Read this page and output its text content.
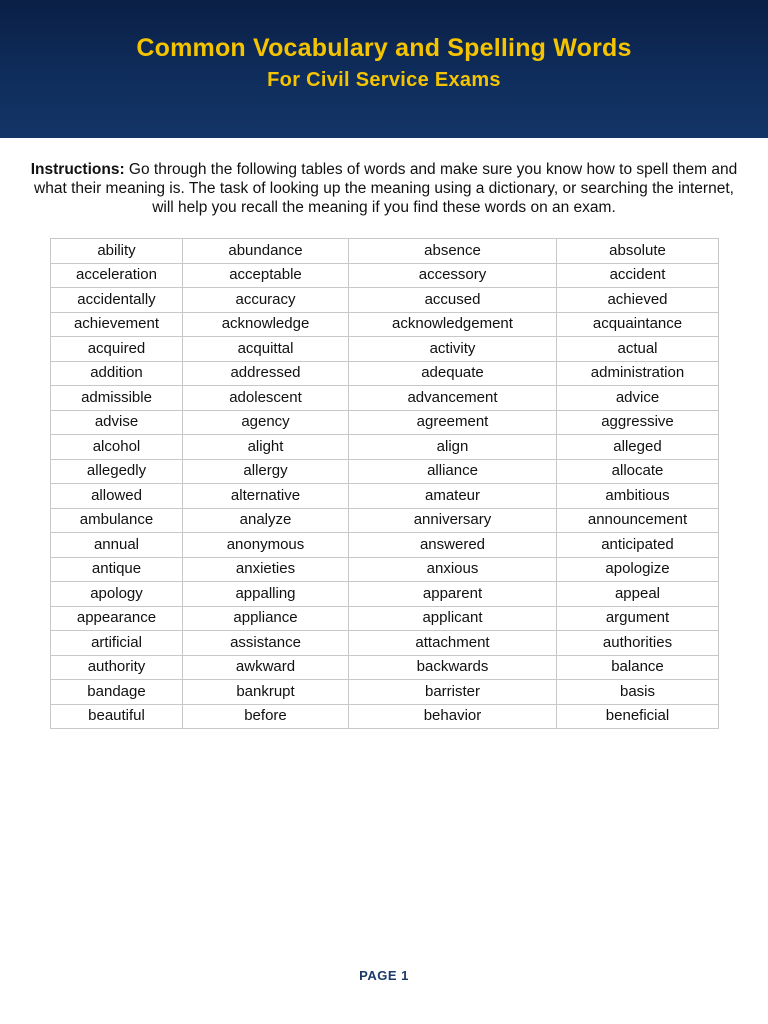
Common Vocabulary and Spelling Words
For Civil Service Exams
Instructions: Go through the following tables of words and make sure you know how to spell them and what their meaning is. The task of looking up the meaning using a dictionary, or searching the internet, will help you recall the meaning if you find these words on an exam.
ability	abundance	absence	absolute
acceleration	acceptable	accessory	accident
accidentally	accuracy	accused	achieved
achievement	acknowledge	acknowledgement	acquaintance
acquired	acquittal	activity	actual
addition	addressed	adequate	administration
admissible	adolescent	advancement	advice
advise	agency	agreement	aggressive
alcohol	alight	align	alleged
allegedly	allergy	alliance	allocate
allowed	alternative	amateur	ambitious
ambulance	analyze	anniversary	announcement
annual	anonymous	answered	anticipated
antique	anxieties	anxious	apologize
apology	appalling	apparent	appeal
appearance	appliance	applicant	argument
artificial	assistance	attachment	authorities
authority	awkward	backwards	balance
bandage	bankrupt	barrister	basis
beautiful	before	behavior	beneficial
PAGE 1
